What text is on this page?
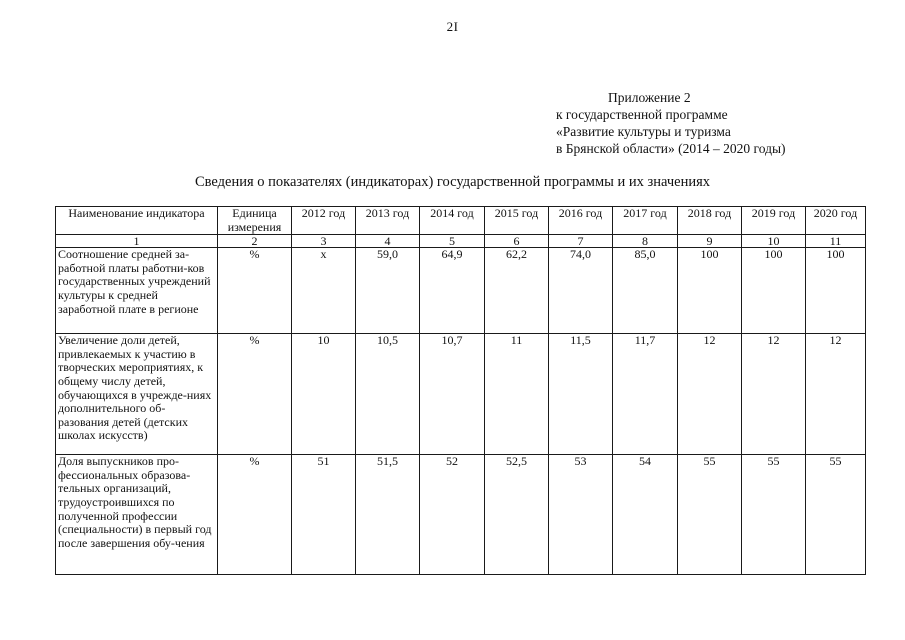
2I
Приложение 2
к государственной программе
«Развитие культуры и туризма
в Брянской области» (2014 – 2020 годы)
Сведения о показателях (индикаторах) государственной программы и их значениях
Наименование индикатора	Единица измерения	2012 год	2013 год	2014 год	2015 год	2016 год	2017 год	2018 год	2019 год	2020 год
1	2	3	4	5	6	7	8	9	10	11
Соотношение средней за-работной платы работни-ков государственных учреждений культуры к средней заработной плате в регионе	%	х	59,0	64,9	62,2	74,0	85,0	100	100	100
Увеличение доли детей, привлекаемых к участию в творческих мероприятиях, к общему числу детей, обучающихся в учрежде-ниях дополнительного об-разования детей (детских школах искусств)	%	10	10,5	10,7	11	11,5	11,7	12	12	12
Доля выпускников про-фессиональных образова-тельных организаций, трудоустроившихся по полученной профессии (специальности) в первый год после завершения обу-чения	%	51	51,5	52	52,5	53	54	55	55	55
